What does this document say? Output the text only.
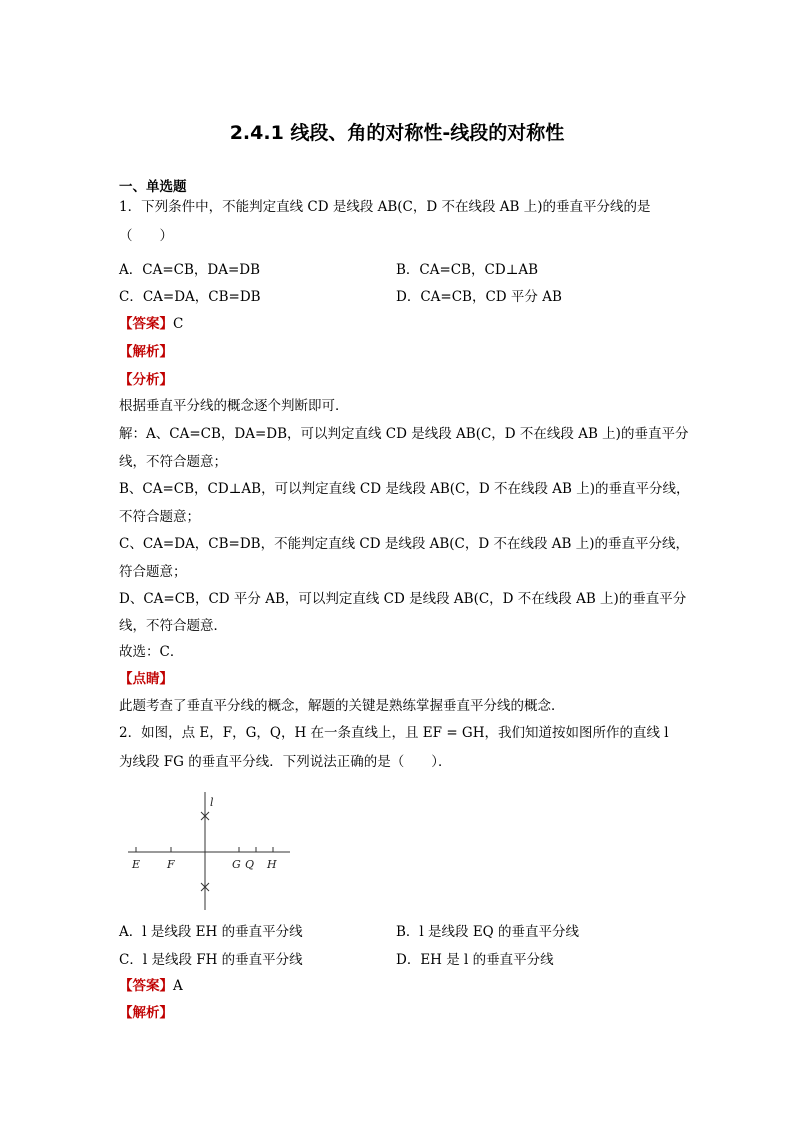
2.4.1 线段、角的对称性-线段的对称性
一、单选题
1．下列条件中，不能判定直线 CD 是线段 AB(C，D 不在线段 AB 上)的垂直平分线的是
（　　）
A．CA=CB，DA=DB	B．CA=CB，CD⊥AB
C．CA=DA，CB=DB	D．CA=CB，CD 平分 AB
【答案】C
【解析】
【分析】
根据垂直平分线的概念逐个判断即可．
解：A、CA=CB，DA=DB，可以判定直线 CD 是线段 AB(C，D 不在线段 AB 上)的垂直平分
线，不符合题意；
B、CA=CB，CD⊥AB，可以判定直线 CD 是线段 AB(C，D 不在线段 AB 上)的垂直平分线，
不符合题意；
C、CA=DA，CB=DB，不能判定直线 CD 是线段 AB(C，D 不在线段 AB 上)的垂直平分线，
符合题意；
D、CA=CB，CD 平分 AB，可以判定直线 CD 是线段 AB(C，D 不在线段 AB 上)的垂直平分
线，不符合题意．
故选：C．
【点睛】
此题考查了垂直平分线的概念，解题的关键是熟练掌握垂直平分线的概念．
2．如图，点 E，F，G，Q，H 在一条直线上，且 EF = GH，我们知道按如图所作的直线 l
为线段 FG 的垂直平分线．下列说法正确的是（　　）．
l
E F	G Q H
A．l 是线段 EH 的垂直平分线	B．l 是线段 EQ 的垂直平分线
C．l 是线段 FH 的垂直平分线	D．EH 是 l 的垂直平分线
【答案】A
【解析】
